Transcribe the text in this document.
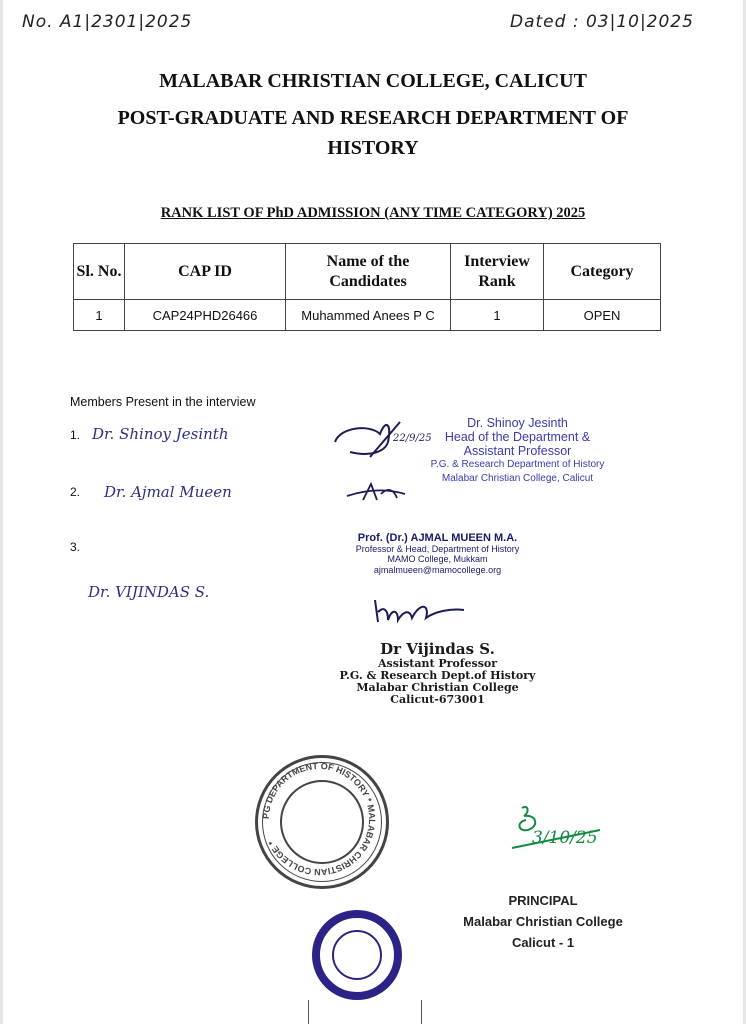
No. A1|2301|2025	Dated : 03|10|2025
MALABAR CHRISTIAN COLLEGE, CALICUT
POST-GRADUATE AND RESEARCH DEPARTMENT OF
HISTORY
RANK LIST OF PhD ADMISSION (ANY TIME CATEGORY) 2025
Sl. No.	CAP ID	Name of the Candidates	Interview Rank	Category
1	CAP24PHD26466	Muhammed Anees P C	1	OPEN
Members Present in the interview
1. Dr. Shinoy Jesinth
2. Dr. Ajmal Mueen
3.
Dr. VIJINDAS S.
22/9/25
Dr. Shinoy Jesinth
Head of the Department &
Assistant Professor
P.G. & Research Department of History
Malabar Christian College, Calicut
Prof. (Dr.) AJMAL MUEEN M.A.
Professor & Head, Department of History
MAMO College, Mukkam
ajmalmueen@mamocollege.org
Dr Vijindas S.
Assistant Professor
P.G. & Research Dept.of History
Malabar Christian College
Calicut-673001
PG DEPARTMENT OF HISTORY * MALABAR CHRISTIAN COLLEGE *	3/10/25
PRINCIPAL
Malabar Christian College
Calicut - 1
